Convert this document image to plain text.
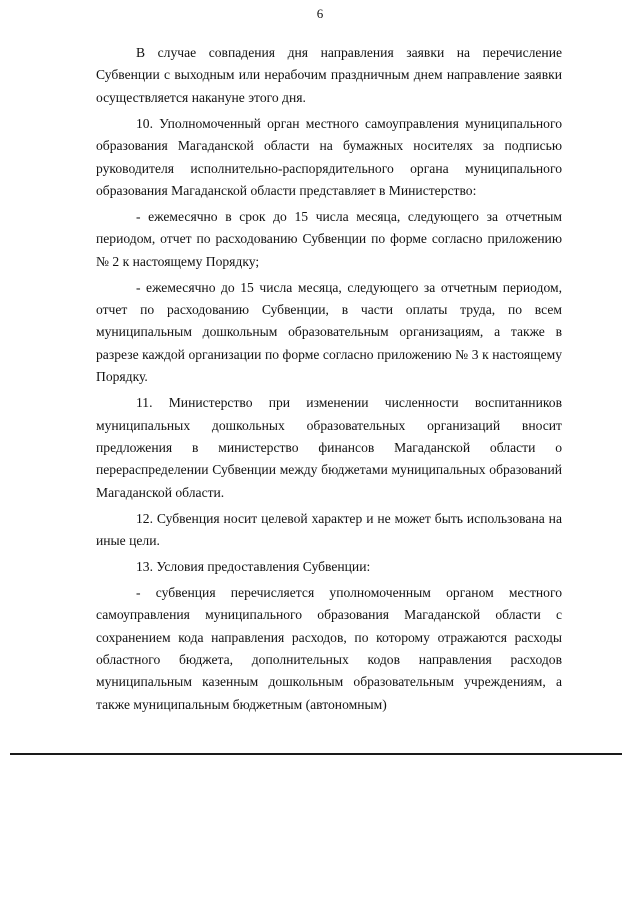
6

В случае совпадения дня направления заявки на перечисление Субвенции с выходным или нерабочим праздничным днем направление заявки осуществляется накануне этого дня.

10. Уполномоченный орган местного самоуправления муниципального образования Магаданской области на бумажных носителях за подписью руководителя исполнительно-распорядительного органа муниципального образования Магаданской области представляет в Министерство:

- ежемесячно в срок до 15 числа месяца, следующего за отчетным периодом, отчет по расходованию Субвенции по форме согласно приложению № 2 к настоящему Порядку;

- ежемесячно до 15 числа месяца, следующего за отчетным периодом, отчет по расходованию Субвенции, в части оплаты труда, по всем муниципальным дошкольным образовательным организациям, а также в разрезе каждой организации по форме согласно приложению № 3 к настоящему Порядку.

11. Министерство при изменении численности воспитанников муниципальных дошкольных образовательных организаций вносит предложения в министерство финансов Магаданской области о перераспределении Субвенции между бюджетами муниципальных образований Магаданской области.

12. Субвенция носит целевой характер и не может быть использована на иные цели.

13. Условия предоставления Субвенции:

- субвенция перечисляется уполномоченным органом местного самоуправления муниципального образования Магаданской области с сохранением кода направления расходов, по которому отражаются расходы областного бюджета, дополнительных кодов направления расходов муниципальным казенным дошкольным образовательным учреждениям, а также муниципальным бюджетным (автономным)
